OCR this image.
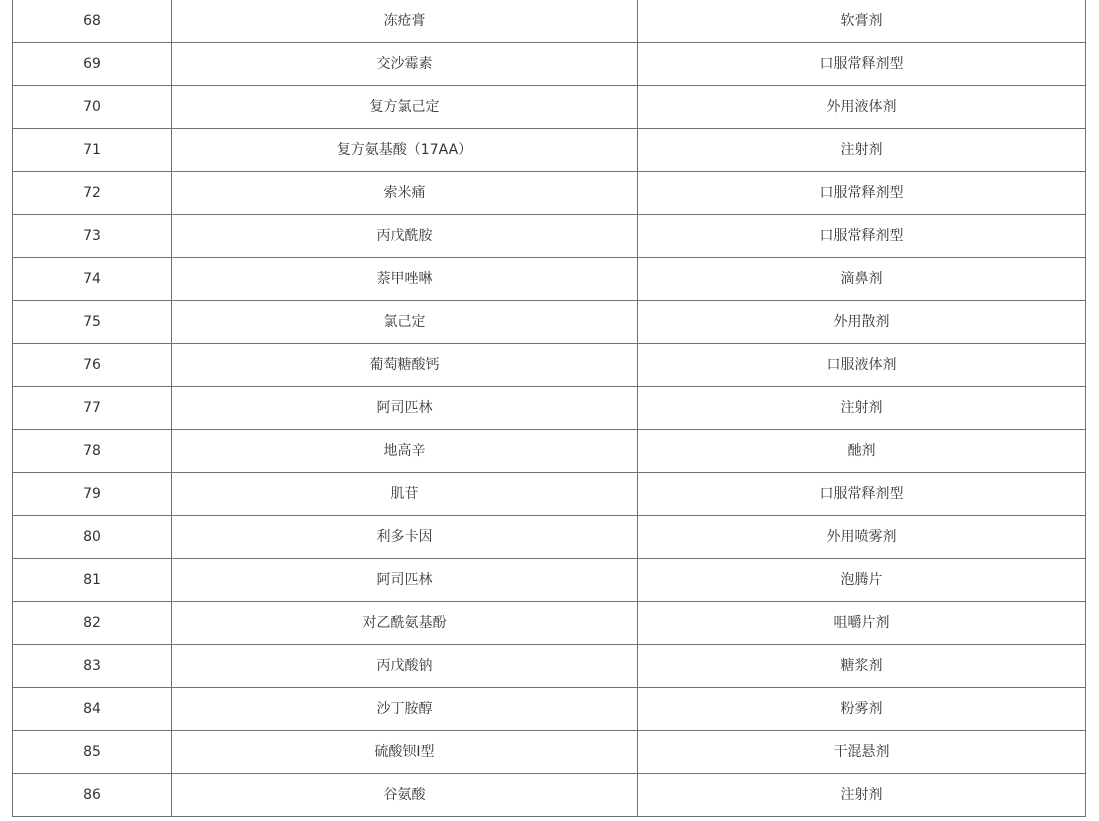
68	冻疮膏	软膏剂
69	交沙霉素	口服常释剂型
70	复方氯己定	外用液体剂
71	复方氨基酸（17AA）	注射剂
72	索米痛	口服常释剂型
73	丙戊酰胺	口服常释剂型
74	萘甲唑啉	滴鼻剂
75	氯己定	外用散剂
76	葡萄糖酸钙	口服液体剂
77	阿司匹林	注射剂
78	地高辛	酏剂
79	肌苷	口服常释剂型
80	利多卡因	外用喷雾剂
81	阿司匹林	泡腾片
82	对乙酰氨基酚	咀嚼片剂
83	丙戊酸钠	糖浆剂
84	沙丁胺醇	粉雾剂
85	硫酸钡Ⅰ型	干混悬剂
86	谷氨酸	注射剂
